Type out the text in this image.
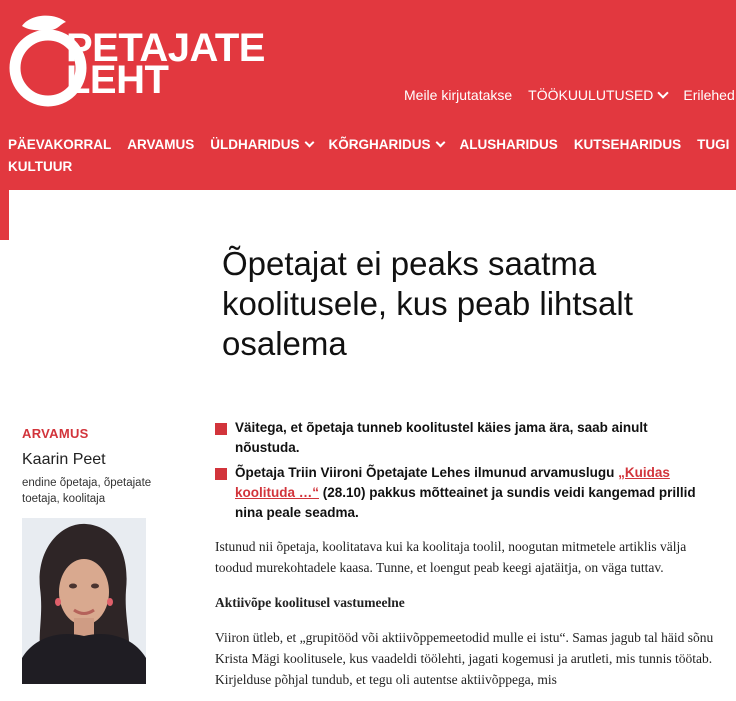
PETAJATE
LEHT	Meile kirjutatakse TÖÖKUULUTUSED	Erilehed
PÄEVAKORRAL ARVAMUS ÜLDHARIDUS	KÕRGHARIDUS	ALUSHARIDUS KUTSEHARIDUS TUGI
KULTUUR
Õpetajat ei peaks saatma koolitusele, kus peab lihtsalt osalema
ARVAMUS
Kaarin Peet
endine õpetaja, õpetajate toetaja, koolitaja
Väitega, et õpetaja tunneb koolitustel käies jama ära, saab ainult nõustuda.
Õpetaja Triin Viironi Õpetajate Lehes ilmunud arvamuslugu „Kuidas koolituda …“ (28.10) pakkus mõtteainet ja sundis veidi kangemad prillid nina peale seadma.

Istunud nii õpetaja, koolitatava kui ka koolitaja toolil, noogutan mitmetele artiklis välja toodud murekohtadele kaasa. Tunne, et loengut peab keegi ajatäitja, on väga tuttav.

Aktiivõpe koolitusel vastumeelne

Viiron ütleb, et „grupitööd või aktiivõppemeetodid mulle ei istu“. Samas jagub tal häid sõnu Krista Mägi koolitusele, kus vaadeldi töölehti, jagati kogemusi ja arutleti, mis tunnis töötab. Kirjelduse põhjal tundub, et tegu oli autentse aktiivõppega, mis
